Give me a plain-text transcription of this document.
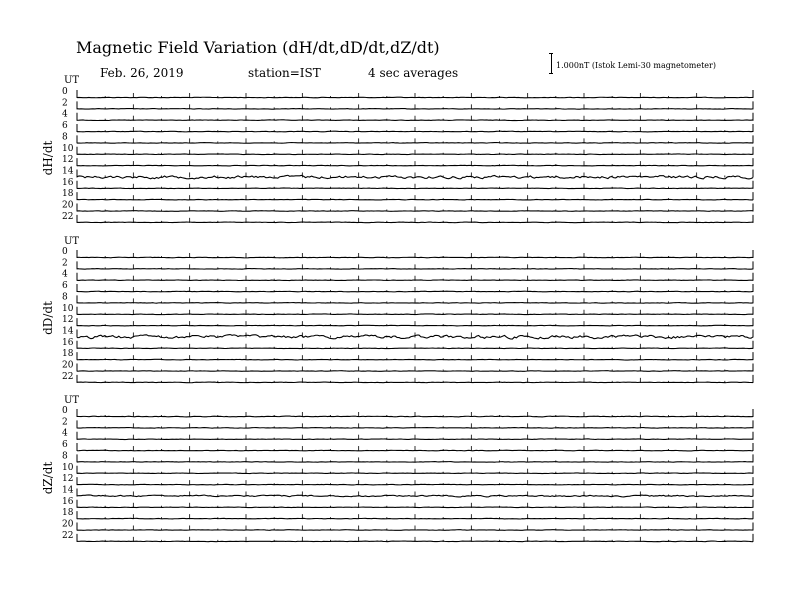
Magnetic Field Variation (dH/dt,dD/dt,dZ/dt)
Feb. 26, 2019	station=IST	4 sec averages
1.000nT (Istok Lemi-30 magnetometer)
UT
dH/dt
0
2
4
6
8
10
12
14
16
18
20
22
UT
dD/dt
0
2
4
6
8
10
12
14
16
18
20
22
UT
dZ/dt
0
2
4
6
8
10
12
14
16
18
20
22
